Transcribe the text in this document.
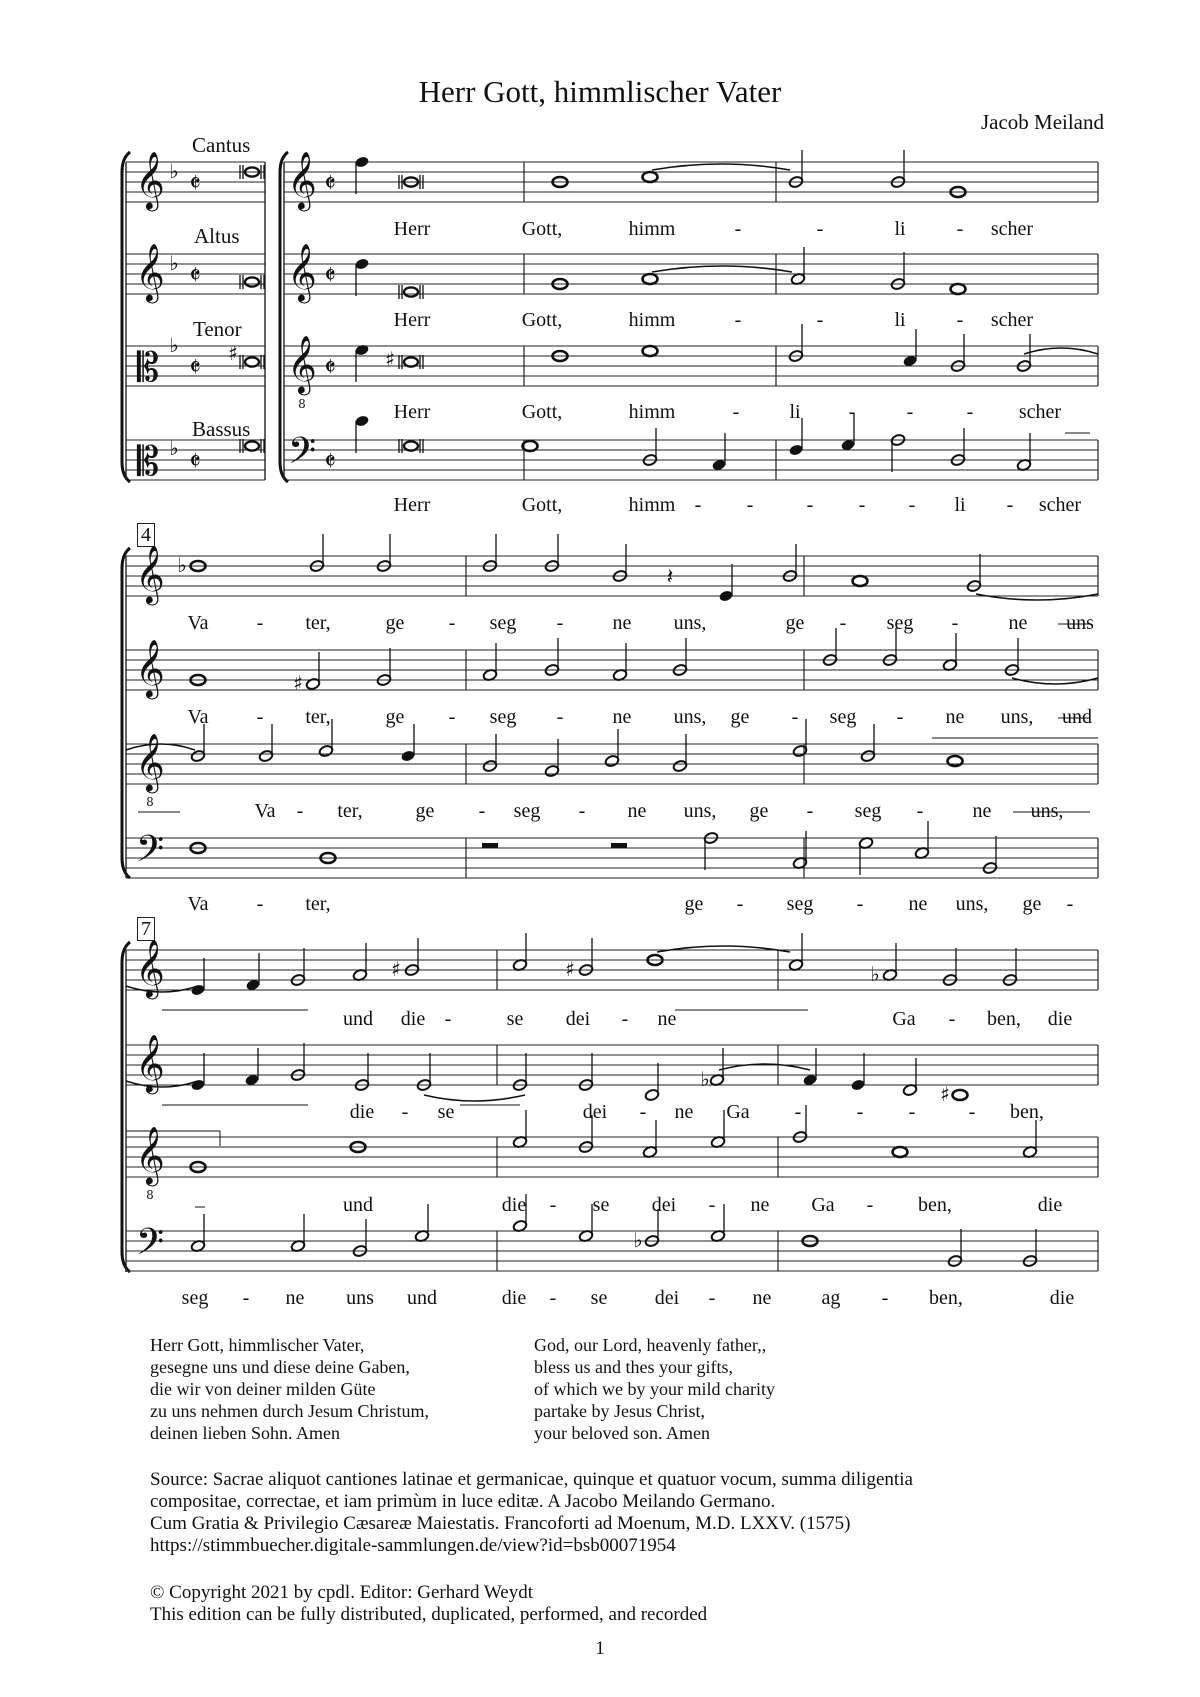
Herr Gott, himmlischer Vater
Jacob Meiland
Cantus
Altus
Tenor
Bassus
4
7
𝄞
𝄞
𝄡
𝄡
♭
♭
♭
♭
𝄵
𝄵
𝄵
𝄵
♯
𝄞
𝄞
𝄞
𝄢
8
𝄵
𝄵
𝄵
𝄵
♯
𝄞
𝄞
𝄞
𝄢
8
♭	𝄽
♯
𝄞
𝄞
𝄞
𝄢
8
♯	♯	♭
♭
♯
♭
Herr	Gott,	himm	-	-	li	- scher
Herr	Gott,	himm	-	-	li	- scher
Herr	Gott,	himm	-	li -	-	- scher
Herr	Gott,	himm - -	- - - li - scher
Va - ter,	ge - seg - ne uns,	ge - seg -	ne uns
Va - ter,	ge - seg - ne uns, ge - seg - ne uns, und
Va - ter,	ge - seg - ne uns, ge - seg - ne uns,
Va - ter,	ge - seg - ne uns, ge -
und die -	se dei - ne	Ga - ben, die
die - se	dei - ne Ga -	- -	- ben,
und	die - se dei - ne Ga - ben,	die
seg - ne uns und	die - se dei - ne	ag - ben,	die
Herr Gott, himmlischer Vater,
gesegne uns und diese deine Gaben,
die wir von deiner milden Güte
zu uns nehmen durch Jesum Christum,
deinen lieben Sohn. Amen
God, our Lord, heavenly father,,
bless us and thes your gifts,
of which we by your mild charity
partake by Jesus Christ,
your beloved son. Amen
Source: Sacrae aliquot cantiones latinae et germanicae, quinque et quatuor vocum, summa diligentia
compositae, correctae, et iam primùm in luce editæ. A Jacobo Meilando Germano.
Cum Gratia & Privilegio Cæsareæ Maiestatis. Francoforti ad Moenum, M.D. LXXV. (1575)
https://stimmbuecher.digitale-sammlungen.de/view?id=bsb00071954
© Copyright 2021 by cpdl. Editor: Gerhard Weydt
This edition can be fully distributed, duplicated, performed, and recorded
1
